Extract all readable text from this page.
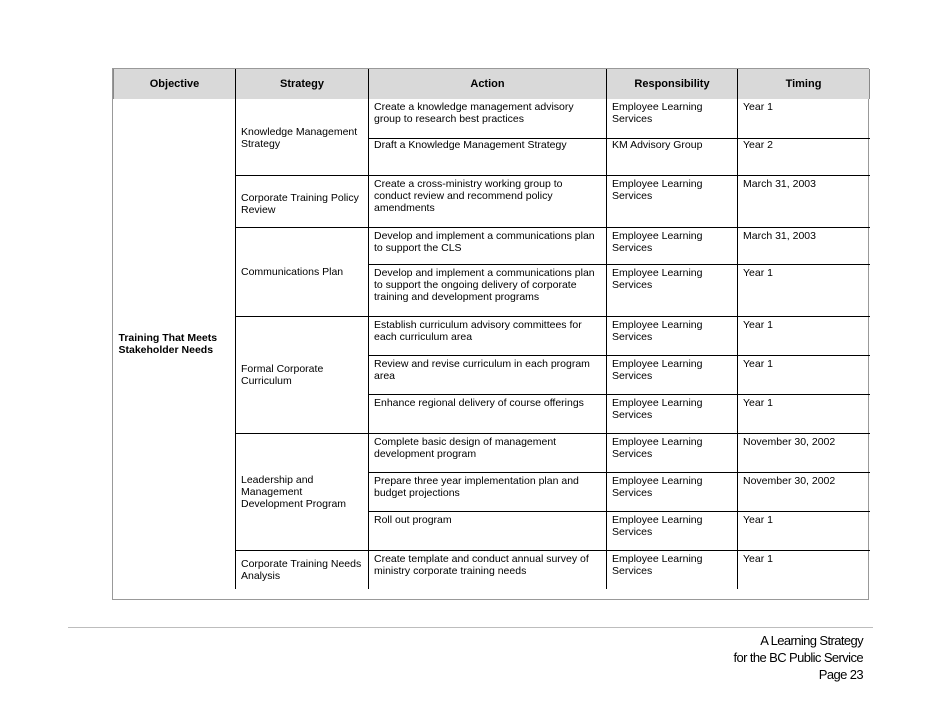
Objective	Strategy	Action	Responsibility	Timing
Training That Meets Stakeholder Needs	Knowledge Management Strategy	Create a knowledge management advisory group to research best practices	Employee Learning Services	Year 1
		Draft a Knowledge Management Strategy	KM Advisory Group	Year 2
	Corporate Training Policy Review	Create a cross-ministry working group to conduct review and recommend policy amendments	Employee Learning Services	March 31, 2003
	Communications Plan	Develop and implement a communications plan to support the CLS	Employee Learning Services	March 31, 2003
		Develop and implement a communications plan to support the ongoing delivery of corporate training and development programs	Employee Learning Services	Year 1
	Formal Corporate Curriculum	Establish curriculum advisory committees for each curriculum area	Employee Learning Services	Year 1
		Review and revise curriculum in each program area	Employee Learning Services	Year 1
		Enhance regional delivery of course offerings	Employee Learning Services	Year 1
	Leadership and Management Development Program	Complete basic design of management development program	Employee Learning Services	November 30, 2002
		Prepare three year implementation plan and budget projections	Employee Learning Services	November 30, 2002
		Roll out program	Employee Learning Services	Year 1
	Corporate Training Needs Analysis	Create template and conduct annual survey of ministry corporate training needs	Employee Learning Services	Year 1
A Learning Strategy
for the BC Public Service
Page 23
